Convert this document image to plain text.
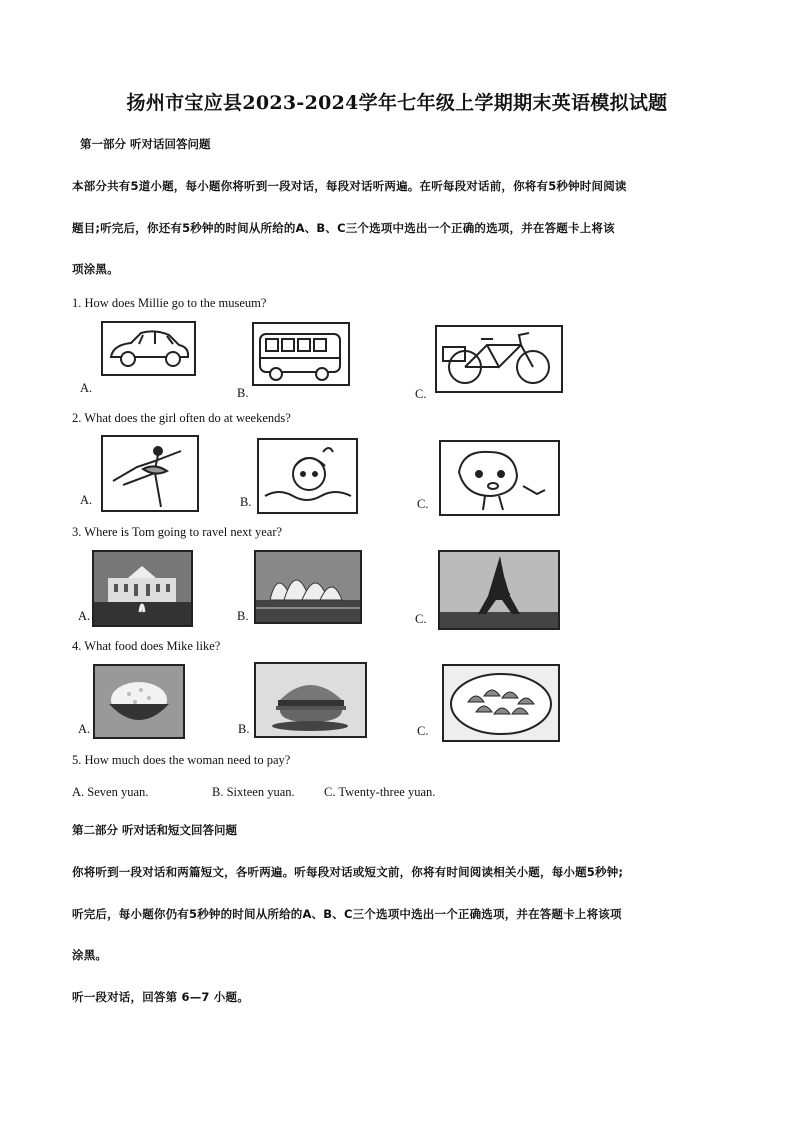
扬州市宝应县2023-2024学年七年级上学期期末英语模拟试题
第一部分 听对话回答问题
本部分共有5道小题，每小题你将听到一段对话，每段对话听两遍。在听每段对话前，你将有5秒钟时间阅读
题目;听完后，你还有5秒钟的时间从所给的A、B、C三个选项中选出一个正确的选项，并在答题卡上将该
项涂黑。
1. How does Millie go to the museum?
A.	B.	C.
2. What does the girl often do at weekends?
A.	B.	C.
3. Where is Tom going to ravel next year?
A.	B.	C.
4. What food does Mike like?
A.	B.	C.
5. How much does the woman need to pay?
A. Seven yuan.	B. Sixteen yuan. C. Twenty-three yuan.
第二部分 听对话和短文回答问题
你将听到一段对话和两篇短文，各听两遍。听每段对话或短文前，你将有时间阅读相关小题，每小题5秒钟;
听完后，每小题你仍有5秒钟的时间从所给的A、B、C三个选项中选出一个正确选项，并在答题卡上将该项
涂黑。
听一段对话，回答第 6—7 小题。
